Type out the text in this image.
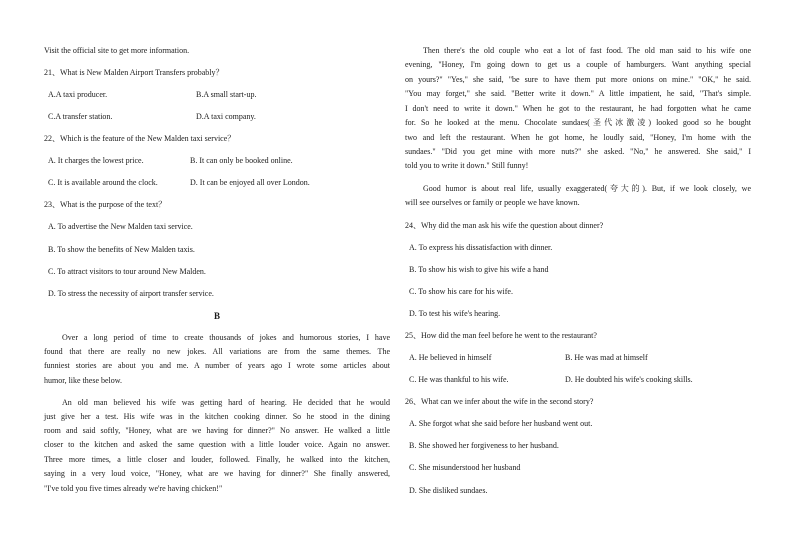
Visit the official site to get more information.
21、What is New Malden Airport Transfers probably？
A.A taxi producer.	B.A small start-up.
C.A transfer station.	D.A taxi company.
22、Which is the feature of the New Malden taxi service？
A. It charges the lowest price.	B. It can only be booked online.
C. It is available around the clock.	D. It can be enjoyed all over London.
23、What is the purpose of the text？
A. To advertise the New Malden taxi service.
B. To show the benefits of New Malden taxis.
C. To attract visitors to tour around New Malden.
D. To stress the necessity of airport transfer service.
B
Over a long period of time to create thousands of jokes and humorous stories, I have
found that there are really no new jokes. All variations are from the same themes. The
funniest stories are about you and me. A number of years ago I wrote some articles about
humor, like these below.
An old man believed his wife was getting hard of hearing. He decided that he would
just give her a test. His wife was in the kitchen cooking dinner. So he stood in the dining
room and said softly, "Honey, what are we having for dinner?" No answer. He walked a little
closer to the kitchen and asked the same question with a little louder voice. Again no answer.
Three more times, a little closer and louder, followed. Finally, he walked into the kitchen,
saying in a very loud voice, "Honey, what are we having for dinner?" She finally answered,
"I've told you five times already we're having chicken!"
Then there's the old couple who eat a lot of fast food. The old man said to his wife one
evening, "Honey, I'm going down to get us a couple of hamburgers. Want anything special
on yours?" "Yes," she said, "be sure to have them put more onions on mine." "OK," he said.
"You may forget," she said. "Better write it down." A little impatient, he said, "That's simple.
I don't need to write it down." When he got to the restaurant, he had forgotten what he came
for. So he looked at the menu. Chocolate sundaes(圣代冰激凌) looked good so he bought
two and left the restaurant. When he got home, he loudly said, "Honey, I'm home with the
sundaes." "Did you get mine with more nuts?" she asked. "No," he answered. She said," I
told you to write it down." Still funny!
Good humor is about real life, usually exaggerated(夸大的). But, if we look closely, we
will see ourselves or family or people we have known.
24、Why did the man ask his wife the question about dinner?
A. To express his dissatisfaction with dinner.
B. To show his wish to give his wife a hand
C. To show his care for his wife.
D. To test his wife's hearing.
25、How did the man feel before he went to the restaurant?
A. He believed in himself	B. He was mad at himself
C. He was thankful to his wife.	D. He doubted his wife's cooking skills.
26、What can we infer about the wife in the second story?
A. She forgot what she said before her husband went out.
B. She showed her forgiveness to her husband.
C. She misunderstood her husband
D. She disliked sundaes.
